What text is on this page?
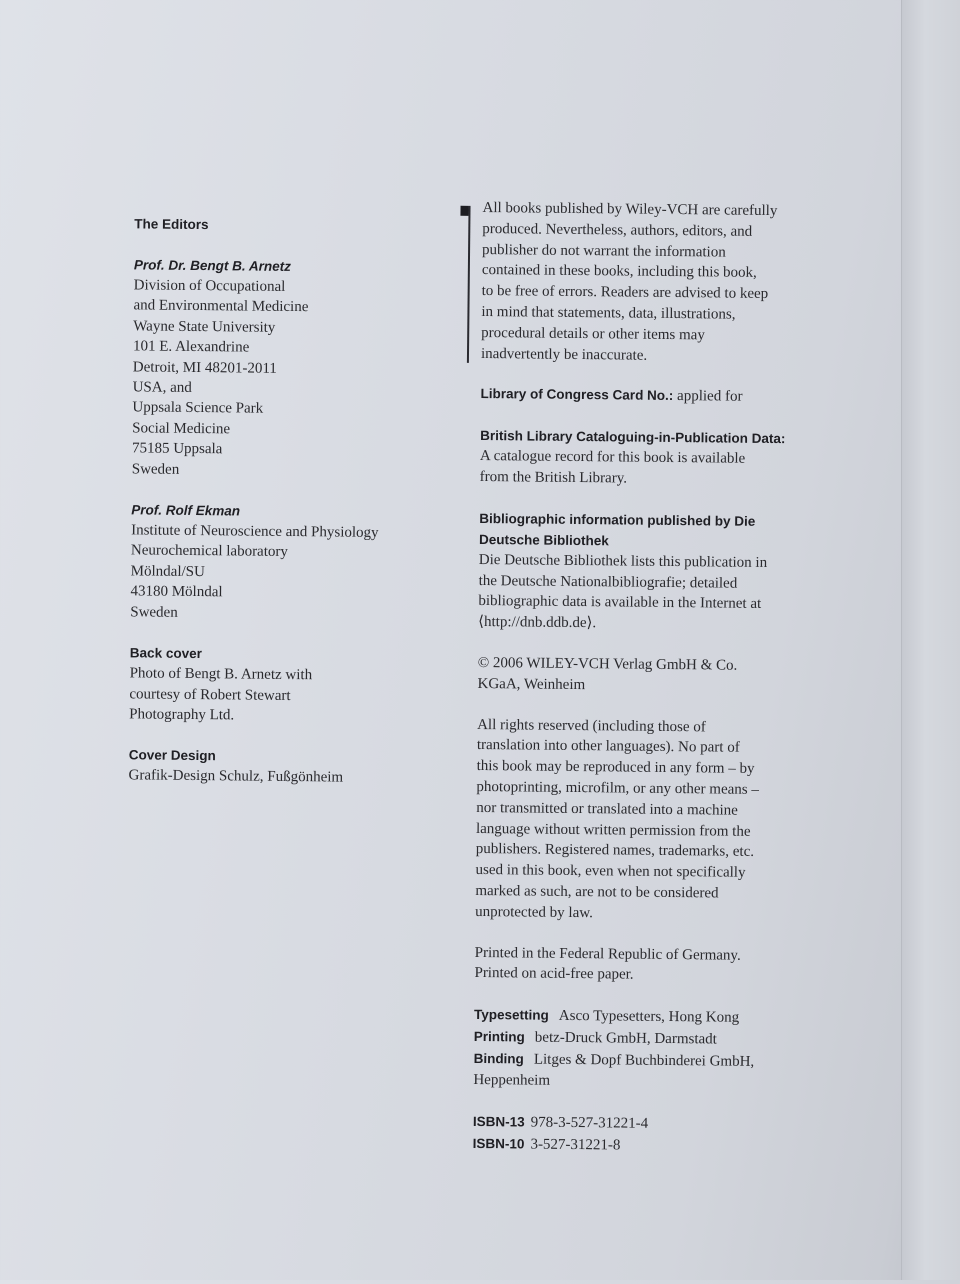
The Editors
Prof. Dr. Bengt B. Arnetz
Division of Occupational
and Environmental Medicine
Wayne State University
101 E. Alexandrine
Detroit, MI 48201-2011
USA, and
Uppsala Science Park
Social Medicine
75185 Uppsala
Sweden
Prof. Rolf Ekman
Institute of Neuroscience and Physiology
Neurochemical laboratory
Mölndal/SU
43180 Mölndal
Sweden
Back cover
Photo of Bengt B. Arnetz with
courtesy of Robert Stewart
Photography Ltd.
Cover Design
Grafik-Design Schulz, Fußgönheim
All books published by Wiley-VCH are carefully
produced. Nevertheless, authors, editors, and
publisher do not warrant the information
contained in these books, including this book,
to be free of errors. Readers are advised to keep
in mind that statements, data, illustrations,
procedural details or other items may
inadvertently be inaccurate.
Library of Congress Card No.: applied for
British Library Cataloguing-in-Publication Data:
A catalogue record for this book is available
from the British Library.
Bibliographic information published by Die
Deutsche Bibliothek
Die Deutsche Bibliothek lists this publication in
the Deutsche Nationalbibliografie; detailed
bibliographic data is available in the Internet at
⟨http://dnb.ddb.de⟩.
© 2006 WILEY-VCH Verlag GmbH & Co.
KGaA, Weinheim
All rights reserved (including those of
translation into other languages). No part of
this book may be reproduced in any form – by
photoprinting, microfilm, or any other means –
nor transmitted or translated into a machine
language without written permission from the
publishers. Registered names, trademarks, etc.
used in this book, even when not specifically
marked as such, are not to be considered
unprotected by law.
Printed in the Federal Republic of Germany.
Printed on acid-free paper.
Typesetting Asco Typesetters, Hong Kong
Printing betz-Druck GmbH, Darmstadt
Binding Litges & Dopf Buchbinderei GmbH,
Heppenheim
ISBN-13 978-3-527-31221-4
ISBN-10 3-527-31221-8
